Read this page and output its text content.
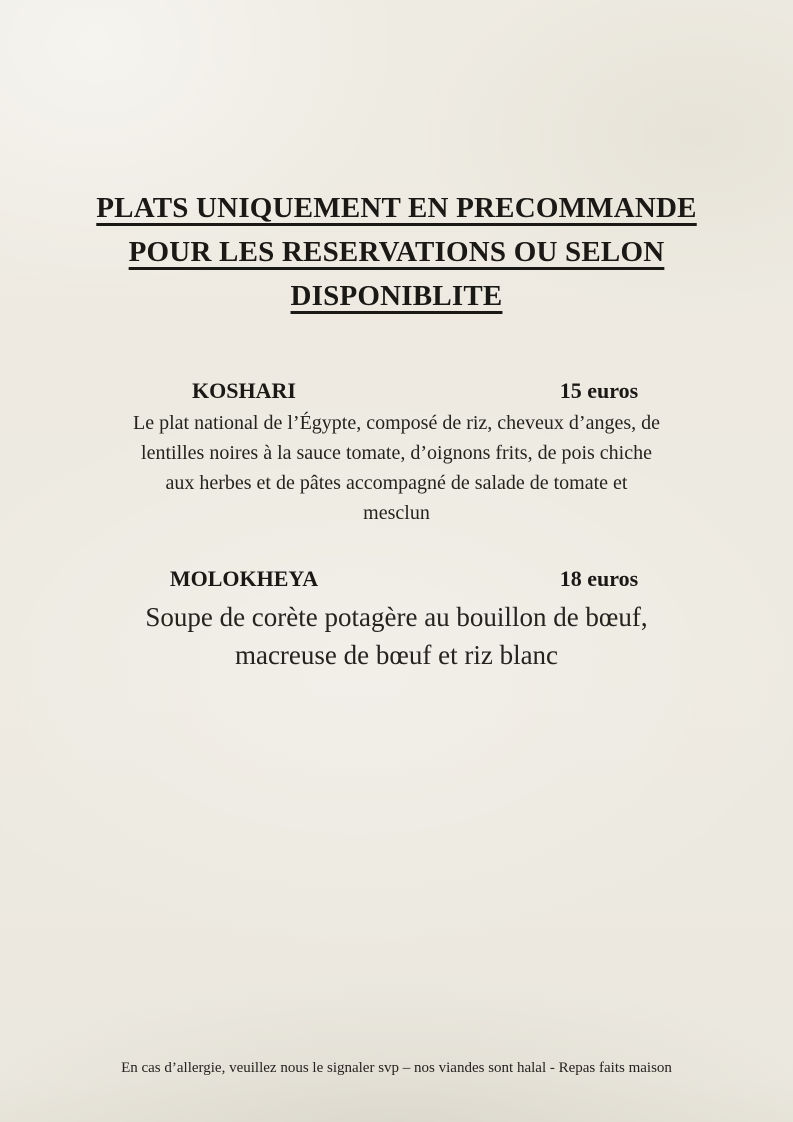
PLATS UNIQUEMENT EN PRECOMMANDE
POUR LES RESERVATIONS OU SELON
DISPONIBLITE
KOSHARI	15 euros
Le plat national de l’Égypte, composé de riz, cheveux d’anges, de
lentilles noires à la sauce tomate, d’oignons frits, de pois chiche
aux herbes et de pâtes accompagné de salade de tomate et
mesclun
MOLOKHEYA	18 euros
Soupe de corète potagère au bouillon de bœuf,
macreuse de bœuf et riz blanc
En cas d’allergie, veuillez nous le signaler svp – nos viandes sont halal - Repas faits maison
